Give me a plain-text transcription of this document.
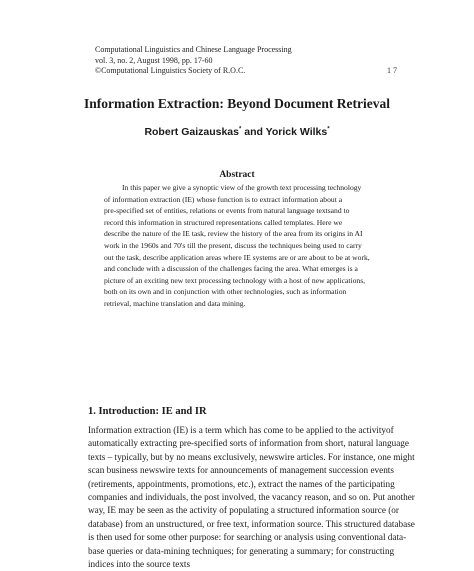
Computational Linguistics and Chinese Language Processing
vol. 3, no. 2, August 1998, pp. 17-60
©Computational Linguistics Society of R.O.C.	1 7
Information Extraction: Beyond Document Retrieval
Robert Gaizauskas* and Yorick Wilks*
Abstract
In this paper we give a synoptic view of the growth text processing technology
of information extraction (IE) whose function is to extract information about a
pre-specified set of entities, relations or events from natural language textsand to
record this information in structured representations called templates. Here we
describe the nature of the IE task, review the history of the area from its origins in AI
work in the 1960s and 70's till the present, discuss the techniques being used to carry
out the task, describe application areas where IE systems are or are about to be at work,
and conclude with a discussion of the challenges facing the area. What emerges is a
picture of an exciting new text processing technology with a host of new applications,
both on its own and in conjunction with other technologies, such as information
retrieval, machine translation and data mining.
1. Introduction: IE and IR
Information extraction (IE) is a term which has come to be applied to the activityof
automatically extracting pre-specified sorts of information from short, natural language
texts – typically, but by no means exclusively, newswire articles. For instance, one might
scan business newswire texts for announcements of management succession events
(retirements, appointments, promotions, etc.), extract the names of the participating
companies and individuals, the post involved, the vacancy reason, and so on. Put another
way, IE may be seen as the activity of populating a structured information source (or
database) from an unstructured, or free text, information source. This structured database
is then used for some other purpose: for searching or analysis using conventional data-
base queries or data-mining techniques; for generating a summary; for constructing
indices into the source texts
